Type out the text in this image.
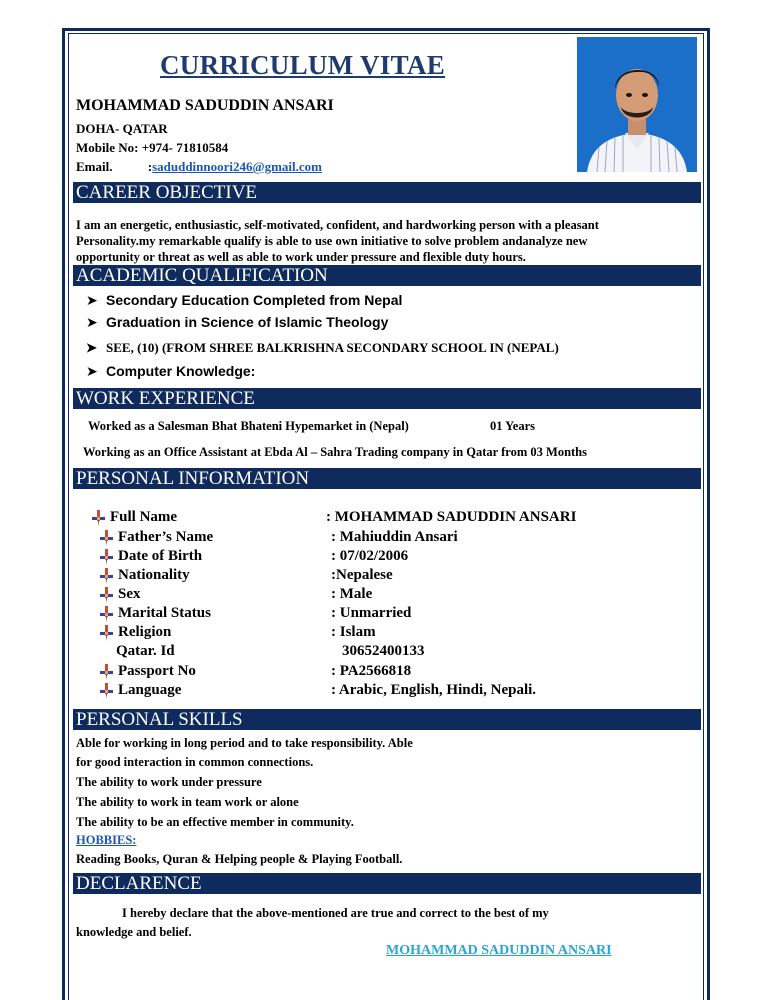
CURRICULUM VITAE
MOHAMMAD SADUDDIN ANSARI
DOHA- QATAR
Mobile No: +974- 71810584
Email.	:saduddinnoori246@gmail.com
CAREER OBJECTIVE
I am an energetic, enthusiastic, self-motivated, confident, and hardworking person with a pleasant
Personality.my remarkable qualify is able to use own initiative to solve problem andanalyze new
opportunity or threat as well as able to work under pressure and flexible duty hours.
ACADEMIC QUALIFICATION
➤ Secondary Education Completed from Nepal
➤ Graduation in Science of Islamic Theology
➤ SEE, (10) (FROM SHREE BALKRISHNA SECONDARY SCHOOL IN (NEPAL)
➤ Computer Knowledge:
WORK EXPERIENCE
Worked as a Salesman Bhat Bhateni Hypemarket in (Nepal)	01 Years
Working as an Office Assistant at Ebda Al – Sahra Trading company in Qatar from 03 Months
PERSONAL INFORMATION
Full Name	: MOHAMMAD SADUDDIN ANSARI
Father’s Name	: Mahiuddin Ansari
Date of Birth	: 07/02/2006
Nationality	:Nepalese
Sex	: Male
Marital Status	: Unmarried
Religion	: Islam
Qatar. Id	30652400133
Passport No	: PA2566818
Language	: Arabic, English, Hindi, Nepali.
PERSONAL SKILLS
Able for working in long period and to take responsibility. Able
for good interaction in common connections.
The ability to work under pressure
The ability to work in team work or alone
The ability to be an effective member in community.
HOBBIES:
Reading Books, Quran & Helping people & Playing Football.
DECLARENCE
I hereby declare that the above-mentioned are true and correct to the best of my
knowledge and belief.
MOHAMMAD SADUDDIN ANSARI
